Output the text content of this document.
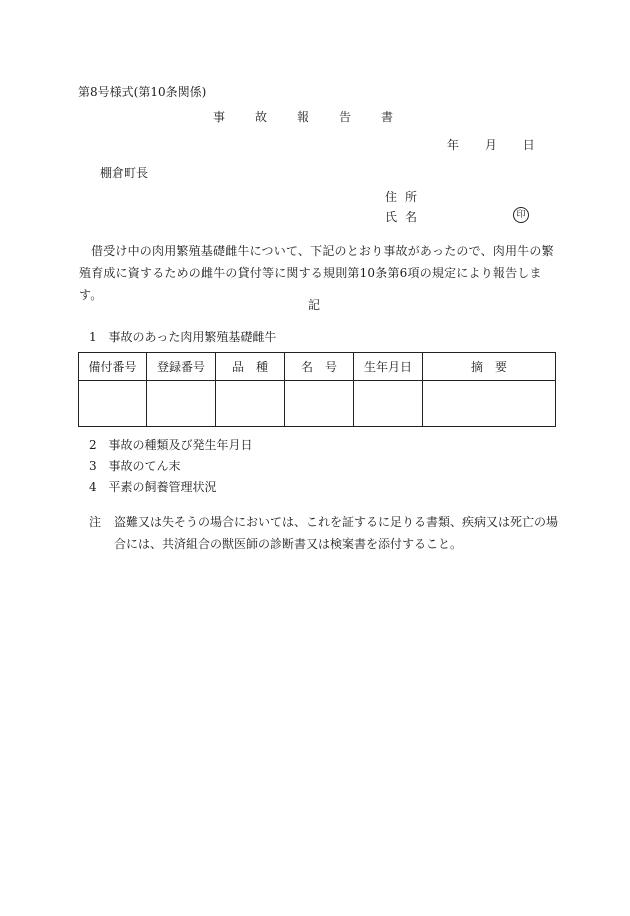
第8号様式(第10条関係)
事故報告書
年 月 日
棚倉町長
住所
氏名	印
借受け中の肉用繁殖基礎雌牛について、下記のとおり事故があったので、肉用牛の繁殖育成に資するための雌牛の貸付等に関する規則第10条第6項の規定により報告します。
記
1 事故のあった肉用繁殖基礎雌牛
備付番号	登録番号	品　種	名　号	生年月日	摘　要

2 事故の種類及び発生年月日
3 事故のてん末
4 平素の飼養管理状況
注 盗難又は失そうの場合においては、これを証するに足りる書類、疾病又は死亡の場合には、共済組合の獣医師の診断書又は検案書を添付すること。
